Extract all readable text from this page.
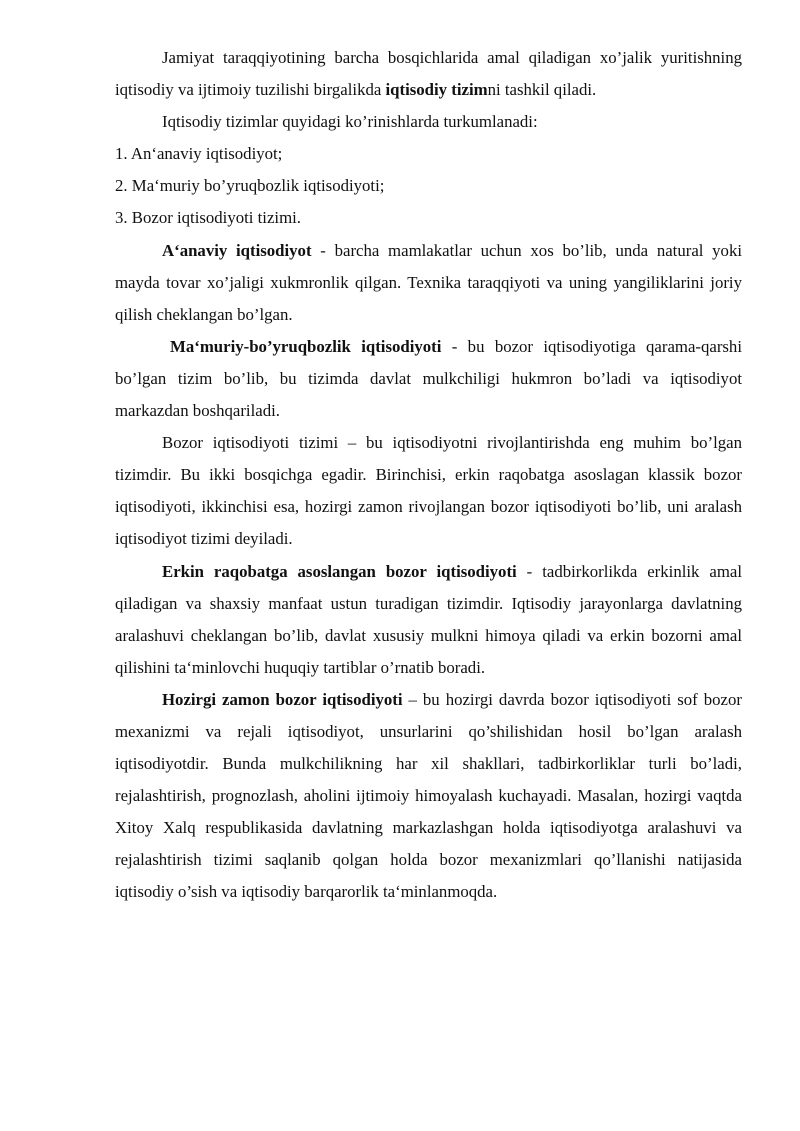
Jamiyat taraqqiyotining barcha bosqichlarida amal qiladigan xo’jalik yuritishning iqtisodiy va ijtimoiy tuzilishi birgalikda iqtisodiy tizimni tashkil qiladi.

Iqtisodiy tizimlar quyidagi ko’rinishlarda turkumlanadi:

1. An‘anaviy iqtisodiyot;

2. Ma‘muriy bo’yruqbozlik iqtisodiyoti;

3. Bozor iqtisodiyoti tizimi.

A‘anaviy iqtisodiyot - barcha mamlakatlar uchun xos bo’lib, unda natural yoki mayda tovar xo’jaligi xukmronlik qilgan. Texnika taraqqiyoti va uning yangiliklarini joriy qilish cheklangan bo’lgan.

Ma‘muriy-bo’yruqbozlik iqtisodiyoti - bu bozor iqtisodiyotiga qarama-qarshi bo’lgan tizim bo’lib, bu tizimda davlat mulkchiligi hukmron bo’ladi va iqtisodiyot markazdan boshqariladi.

Bozor iqtisodiyoti tizimi – bu iqtisodiyotni rivojlantirishda eng muhim bo’lgan tizimdir. Bu ikki bosqichga egadir. Birinchisi, erkin raqobatga asoslagan klassik bozor iqtisodiyoti, ikkinchisi esa, hozirgi zamon rivojlangan bozor iqtisodiyoti bo’lib, uni aralash iqtisodiyot tizimi deyiladi.

Erkin raqobatga asoslangan bozor iqtisodiyoti - tadbirkorlikda erkinlik amal qiladigan va shaxsiy manfaat ustun turadigan tizimdir. Iqtisodiy jarayonlarga davlatning aralashuvi cheklangan bo’lib, davlat xususiy mulkni himoya qiladi va erkin bozorni amal qilishini ta‘minlovchi huquqiy tartiblar o’rnatib boradi.

Hozirgi zamon bozor iqtisodiyoti – bu hozirgi davrda bozor iqtisodiyoti sof bozor mexanizmi va rejali iqtisodiyot, unsurlarini qo’shilishidan hosil bo’lgan aralash iqtisodiyotdir. Bunda mulkchilikning har xil shakllari, tadbirkorliklar turli bo’ladi, rejalashtirish, prognozlash, aholini ijtimoiy himoyalash kuchayadi. Masalan, hozirgi vaqtda Xitoy Xalq respublikasida davlatning markazlashgan holda iqtisodiyotga aralashuvi va rejalashtirish tizimi saqlanib qolgan holda bozor mexanizmlari qo’llanishi natijasida iqtisodiy o’sish va iqtisodiy barqarorlik ta‘minlanmoqda.
